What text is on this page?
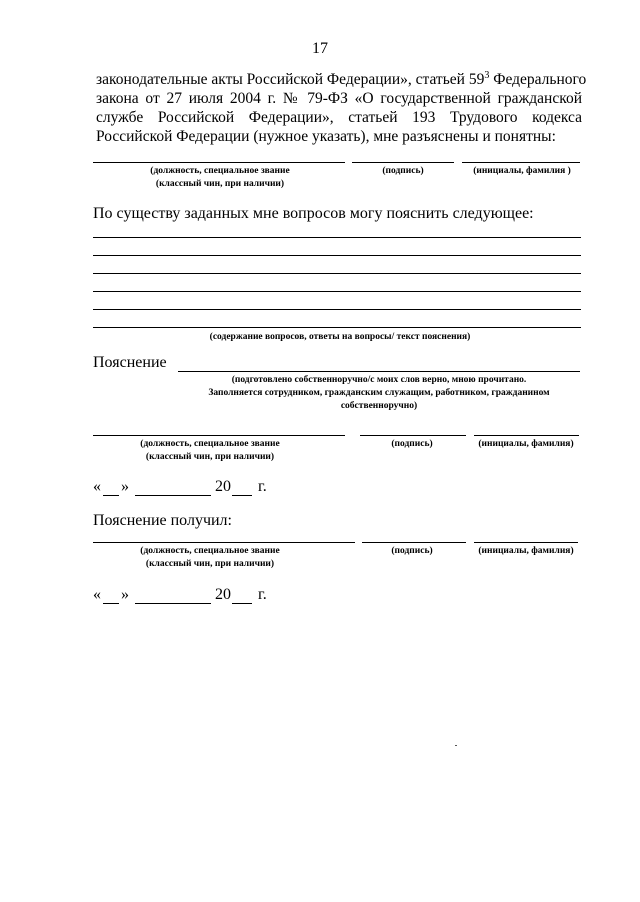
17
законодательные акты Российской Федерации», статьей $59^3$ Федерального
закона от 27 июля 2004 г. № 79-ФЗ «О государственной гражданской
службе Российской Федерации», статьей 193 Трудового кодекса
Российской Федерации (нужное указать), мне разъяснены и понятны:
(должность, специальное звание
(классный чин, при наличии)
(подпись)	(инициалы, фамилия )
По существу заданных мне вопросов могу пояснить следующее:
(содержание вопросов, ответы на вопросы/ текст пояснения)
Пояснение
(подготовлено собственноручно/с моих слов верно, мною прочитано.
Заполняется сотрудником, гражданским служащим, работником, гражданином
собственноручно)
(должность, специальное звание
(классный чин, при наличии)
(подпись)	(инициалы, фамилия)
« »	20 г.
Пояснение получил:
(должность, специальное звание
(классный чин, при наличии)
(подпись)	(инициалы, фамилия)
« »	20 г.
